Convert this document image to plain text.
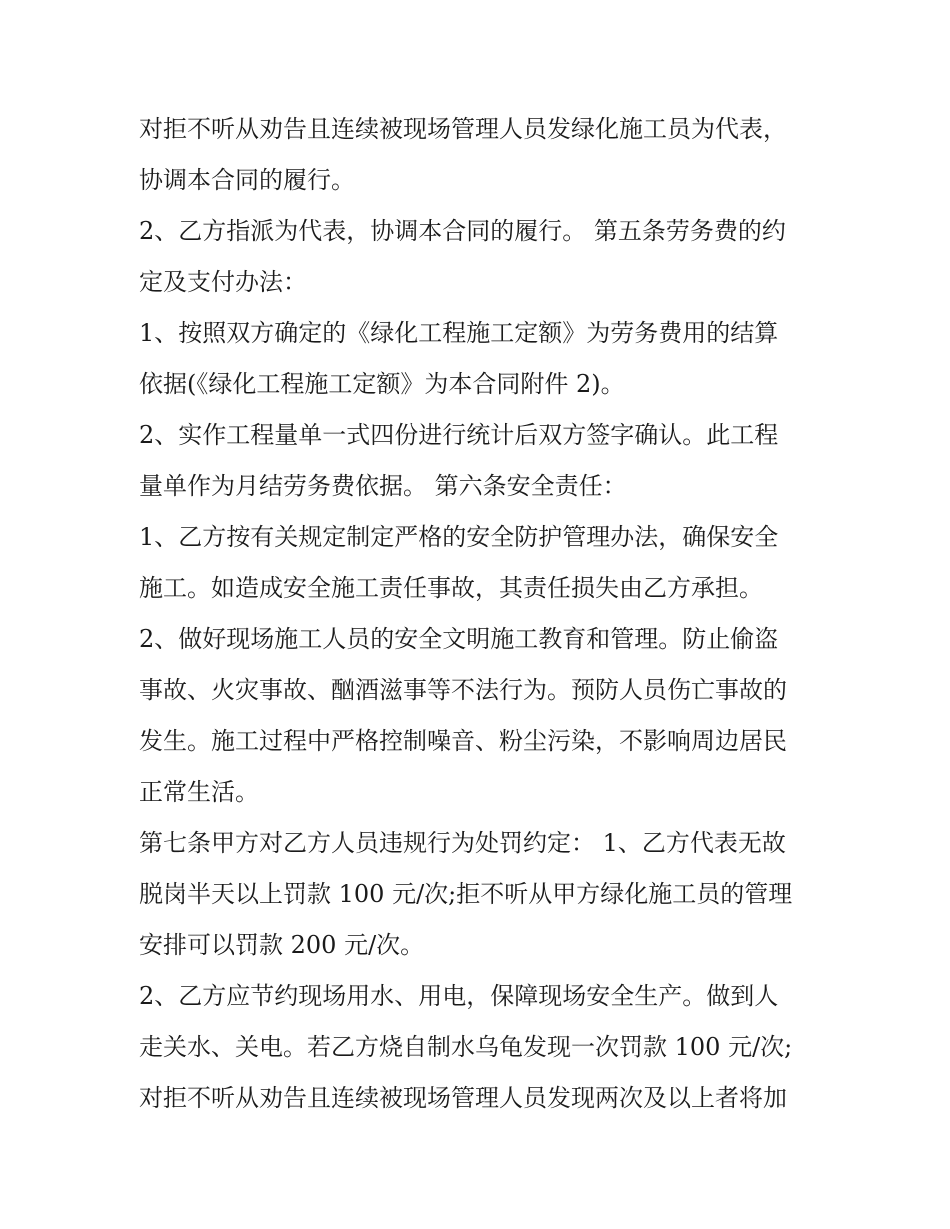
对拒不听从劝告且连续被现场管理人员发绿化施工员为代表，

协调本合同的履行。

2、乙方指派为代表，协调本合同的履行。 第五条劳务费的约

定及支付办法：

1、按照双方确定的《绿化工程施工定额》为劳务费用的结算

依据(《绿化工程施工定额》为本合同附件 2)。

2、实作工程量单一式四份进行统计后双方签字确认。此工程

量单作为月结劳务费依据。 第六条安全责任：

1、乙方按有关规定制定严格的安全防护管理办法，确保安全

施工。如造成安全施工责任事故，其责任损失由乙方承担。

2、做好现场施工人员的安全文明施工教育和管理。防止偷盗

事故、火灾事故、酗酒滋事等不法行为。预防人员伤亡事故的

发生。施工过程中严格控制噪音、粉尘污染，不影响周边居民

正常生活。

第七条甲方对乙方人员违规行为处罚约定： 1、乙方代表无故

脱岗半天以上罚款 100 元/次;拒不听从甲方绿化施工员的管理

安排可以罚款 200 元/次。

2、乙方应节约现场用水、用电，保障现场安全生产。做到人

走关水、关电。若乙方烧自制水乌龟发现一次罚款 100 元/次;

对拒不听从劝告且连续被现场管理人员发现两次及以上者将加
